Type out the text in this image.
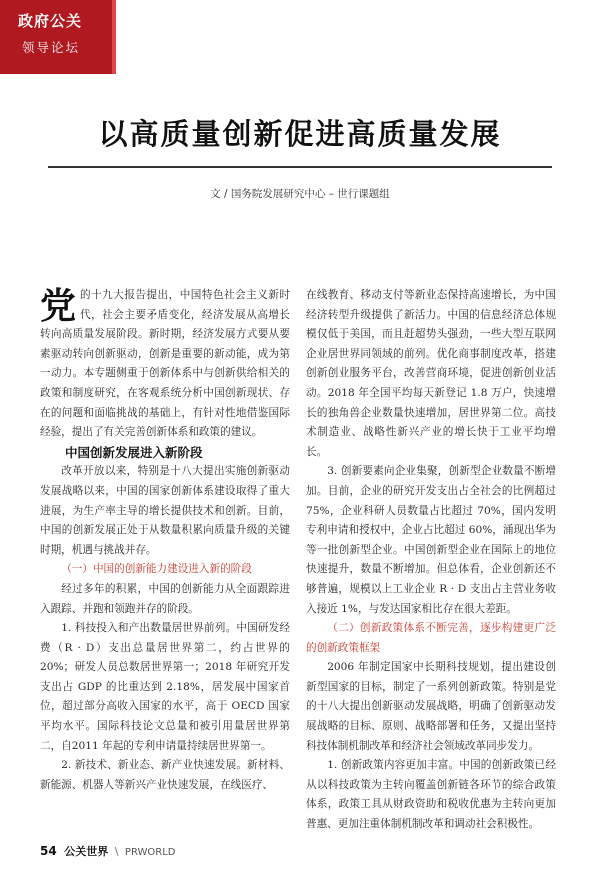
政府公关
领导论坛
以高质量创新促进高质量发展
文 / 国务院发展研究中心 – 世行课题组

党的十九大报告提出，中国特色社会主义新时代，社会主要矛盾变化，经济发展从高增长转向高质量发展阶段。新时期，经济发展方式要从要素驱动转向创新驱动，创新是重要的新动能，成为第一动力。本专题侧重于创新体系中与创新供给相关的政策和制度研究，在客观系统分析中国创新现状、存在的问题和面临挑战的基础上，有针对性地借鉴国际经验，提出了有关完善创新体系和政策的建议。

中国创新发展进入新阶段

改革开放以来，特别是十八大提出实施创新驱动发展战略以来，中国的国家创新体系建设取得了重大进展，为生产率主导的增长提供技术和创新。目前，中国的创新发展正处于从数量积累向质量升级的关键时期，机遇与挑战并存。

（一）中国的创新能力建设进入新的阶段

经过多年的积累，中国的创新能力从全面跟踪进入跟踪、并跑和领跑并存的阶段。

1. 科技投入和产出数量居世界前列。中国研发经费（R · D）支出总量居世界第二，约占世界的20%；研发人员总数居世界第一；2018 年研究开发支出占 GDP 的比重达到 2.18%，居发展中国家首位，超过部分高收入国家的水平，高于 OECD 国家平均水平。国际科技论文总量和被引用量居世界第二，自2011 年起的专利申请量持续居世界第一。

2. 新技术、新业态、新产业快速发展。新材料、新能源、机器人等新兴产业快速发展，在线医疗、

在线教育、移动支付等新业态保持高速增长，为中国经济转型升级提供了新活力。中国的信息经济总体规模仅低于美国，而且赶超势头强劲，一些大型互联网企业居世界同领域的前列。优化商事制度改革，搭建创新创业服务平台，改善营商环境，促进创新创业活动。2018 年全国平均每天新登记 1.8 万户，快速增长的独角兽企业数量快速增加，居世界第二位。高技术制造业、战略性新兴产业的增长快于工业平均增长。

3. 创新要素向企业集聚，创新型企业数量不断增加。目前，企业的研究开发支出占全社会的比例超过75%，企业科研人员数量占比超过 70%，国内发明专利申请和授权中，企业占比超过 60%，涌现出华为等一批创新型企业。中国创新型企业在国际上的地位快速提升，数量不断增加。但总体看，企业创新还不够普遍，规模以上工业企业 R · D 支出占主营业务收入接近 1%，与发达国家相比存在很大差距。

（二）创新政策体系不断完善，逐步构建更广泛的创新政策框架

2006 年制定国家中长期科技规划，提出建设创新型国家的目标，制定了一系列创新政策。特别是党的十八大提出创新驱动发展战略，明确了创新驱动发展战略的目标、原则、战略部署和任务，又提出坚持科技体制机制改革和经济社会领域改革同步发力。

1. 创新政策内容更加丰富。中国的创新政策已经从以科技政策为主转向覆盖创新链各环节的综合政策体系，政策工具从财政资助和税收优惠为主转向更加普惠、更加注重体制机制改革和调动社会积极性。

54 公关世界 \ PRWORLD
